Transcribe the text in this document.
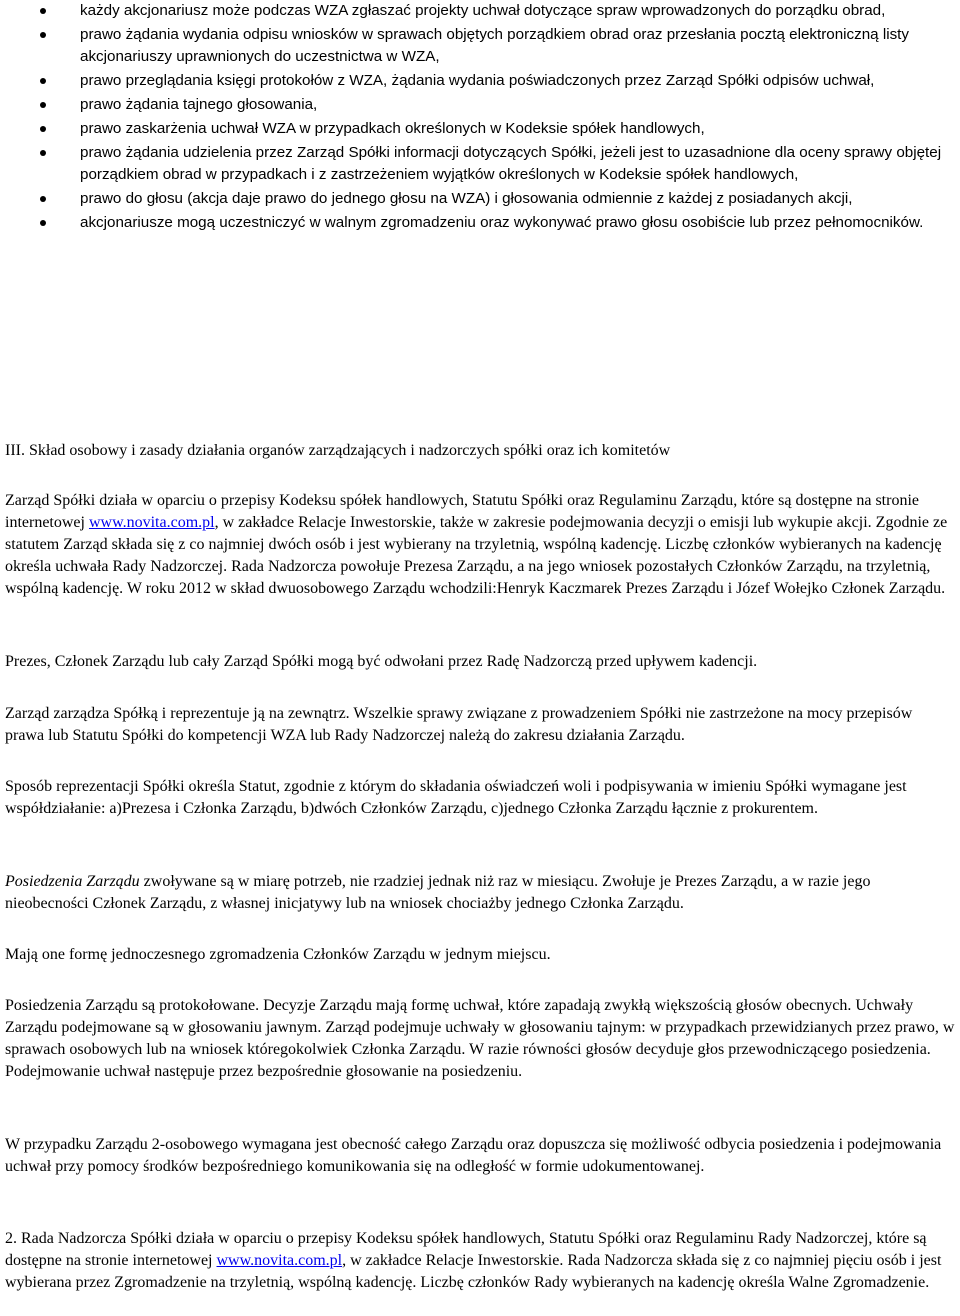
każdy akcjonariusz może podczas WZA zgłaszać projekty uchwał dotyczące spraw wprowadzonych do porządku obrad,
prawo żądania wydania odpisu wniosków w sprawach objętych porządkiem obrad oraz przesłania pocztą elektroniczną listy akcjonariuszy uprawnionych do uczestnictwa w WZA,
prawo przeglądania księgi protokołów z WZA, żądania wydania poświadczonych przez Zarząd Spółki odpisów uchwał,
prawo żądania tajnego głosowania,
prawo zaskarżenia uchwał WZA w przypadkach określonych w Kodeksie spółek handlowych,
prawo żądania udzielenia przez Zarząd Spółki informacji dotyczących Spółki, jeżeli jest to uzasadnione dla oceny sprawy objętej porządkiem obrad w przypadkach i z zastrzeżeniem wyjątków określonych w Kodeksie spółek handlowych,
prawo do głosu (akcja daje prawo do jednego głosu na WZA) i głosowania odmiennie z każdej z posiadanych akcji,
akcjonariusze mogą uczestniczyć w walnym zgromadzeniu oraz wykonywać prawo głosu osobiście lub przez pełnomocników.

III. Skład osobowy i zasady działania organów zarządzających i nadzorczych spółki oraz ich komitetów

Zarząd Spółki działa w oparciu o przepisy Kodeksu spółek handlowych, Statutu Spółki oraz Regulaminu Zarządu, które są dostępne na stronie internetowej www.novita.com.pl, w zakładce Relacje Inwestorskie, także w zakresie podejmowania decyzji o emisji lub wykupie akcji. Zgodnie ze statutem Zarząd składa się z co najmniej dwóch osób i jest wybierany na trzyletnią, wspólną kadencję. Liczbę członków wybieranych na kadencję określa uchwała Rady Nadzorczej. Rada Nadzorcza powołuje Prezesa Zarządu, a na jego wniosek pozostałych Członków Zarządu, na trzyletnią, wspólną kadencję. W roku 2012 w skład dwuosobowego Zarządu wchodzili:Henryk Kaczmarek Prezes Zarządu i Józef Wołejko Członek Zarządu.

Prezes, Członek Zarządu lub cały Zarząd Spółki mogą być odwołani przez Radę Nadzorczą przed upływem kadencji.

Zarząd zarządza Spółką i reprezentuje ją na zewnątrz. Wszelkie sprawy związane z prowadzeniem Spółki nie zastrzeżone na mocy przepisów prawa lub Statutu Spółki do kompetencji WZA lub Rady Nadzorczej należą do zakresu działania Zarządu.

Sposób reprezentacji Spółki określa Statut, zgodnie z którym do składania oświadczeń woli i podpisywania w imieniu Spółki wymagane jest współdziałanie: a)Prezesa i Członka Zarządu, b)dwóch Członków Zarządu, c)jednego Członka Zarządu łącznie z prokurentem.

Posiedzenia Zarządu zwoływane są w miarę potrzeb, nie rzadziej jednak niż raz w miesiącu. Zwołuje je Prezes Zarządu, a w razie jego nieobecności Członek Zarządu, z własnej inicjatywy lub na wniosek chociażby jednego Członka Zarządu.

Mają one formę jednoczesnego zgromadzenia Członków Zarządu w jednym miejscu.

Posiedzenia Zarządu są protokołowane. Decyzje Zarządu mają formę uchwał, które zapadają zwykłą większością głosów obecnych. Uchwały Zarządu podejmowane są w głosowaniu jawnym. Zarząd podejmuje uchwały w głosowaniu tajnym: w przypadkach przewidzianych przez prawo, w sprawach osobowych lub na wniosek któregokolwiek Członka Zarządu. W razie równości głosów decyduje głos przewodniczącego posiedzenia. Podejmowanie uchwał następuje przez bezpośrednie głosowanie na posiedzeniu.

W przypadku Zarządu 2-osobowego wymagana jest obecność całego Zarządu oraz dopuszcza się możliwość odbycia posiedzenia i podejmowania uchwał przy pomocy środków bezpośredniego komunikowania się na odległość w formie udokumentowanej.

2. Rada Nadzorcza Spółki działa w oparciu o przepisy Kodeksu spółek handlowych, Statutu Spółki oraz Regulaminu Rady Nadzorczej, które są dostępne na stronie internetowej www.novita.com.pl, w zakładce Relacje Inwestorskie. Rada Nadzorcza składa się z co najmniej pięciu osób i jest wybierana przez Zgromadzenie na trzyletnią, wspólną kadencję. Liczbę członków Rady wybieranych na kadencję określa Walne Zgromadzenie.
